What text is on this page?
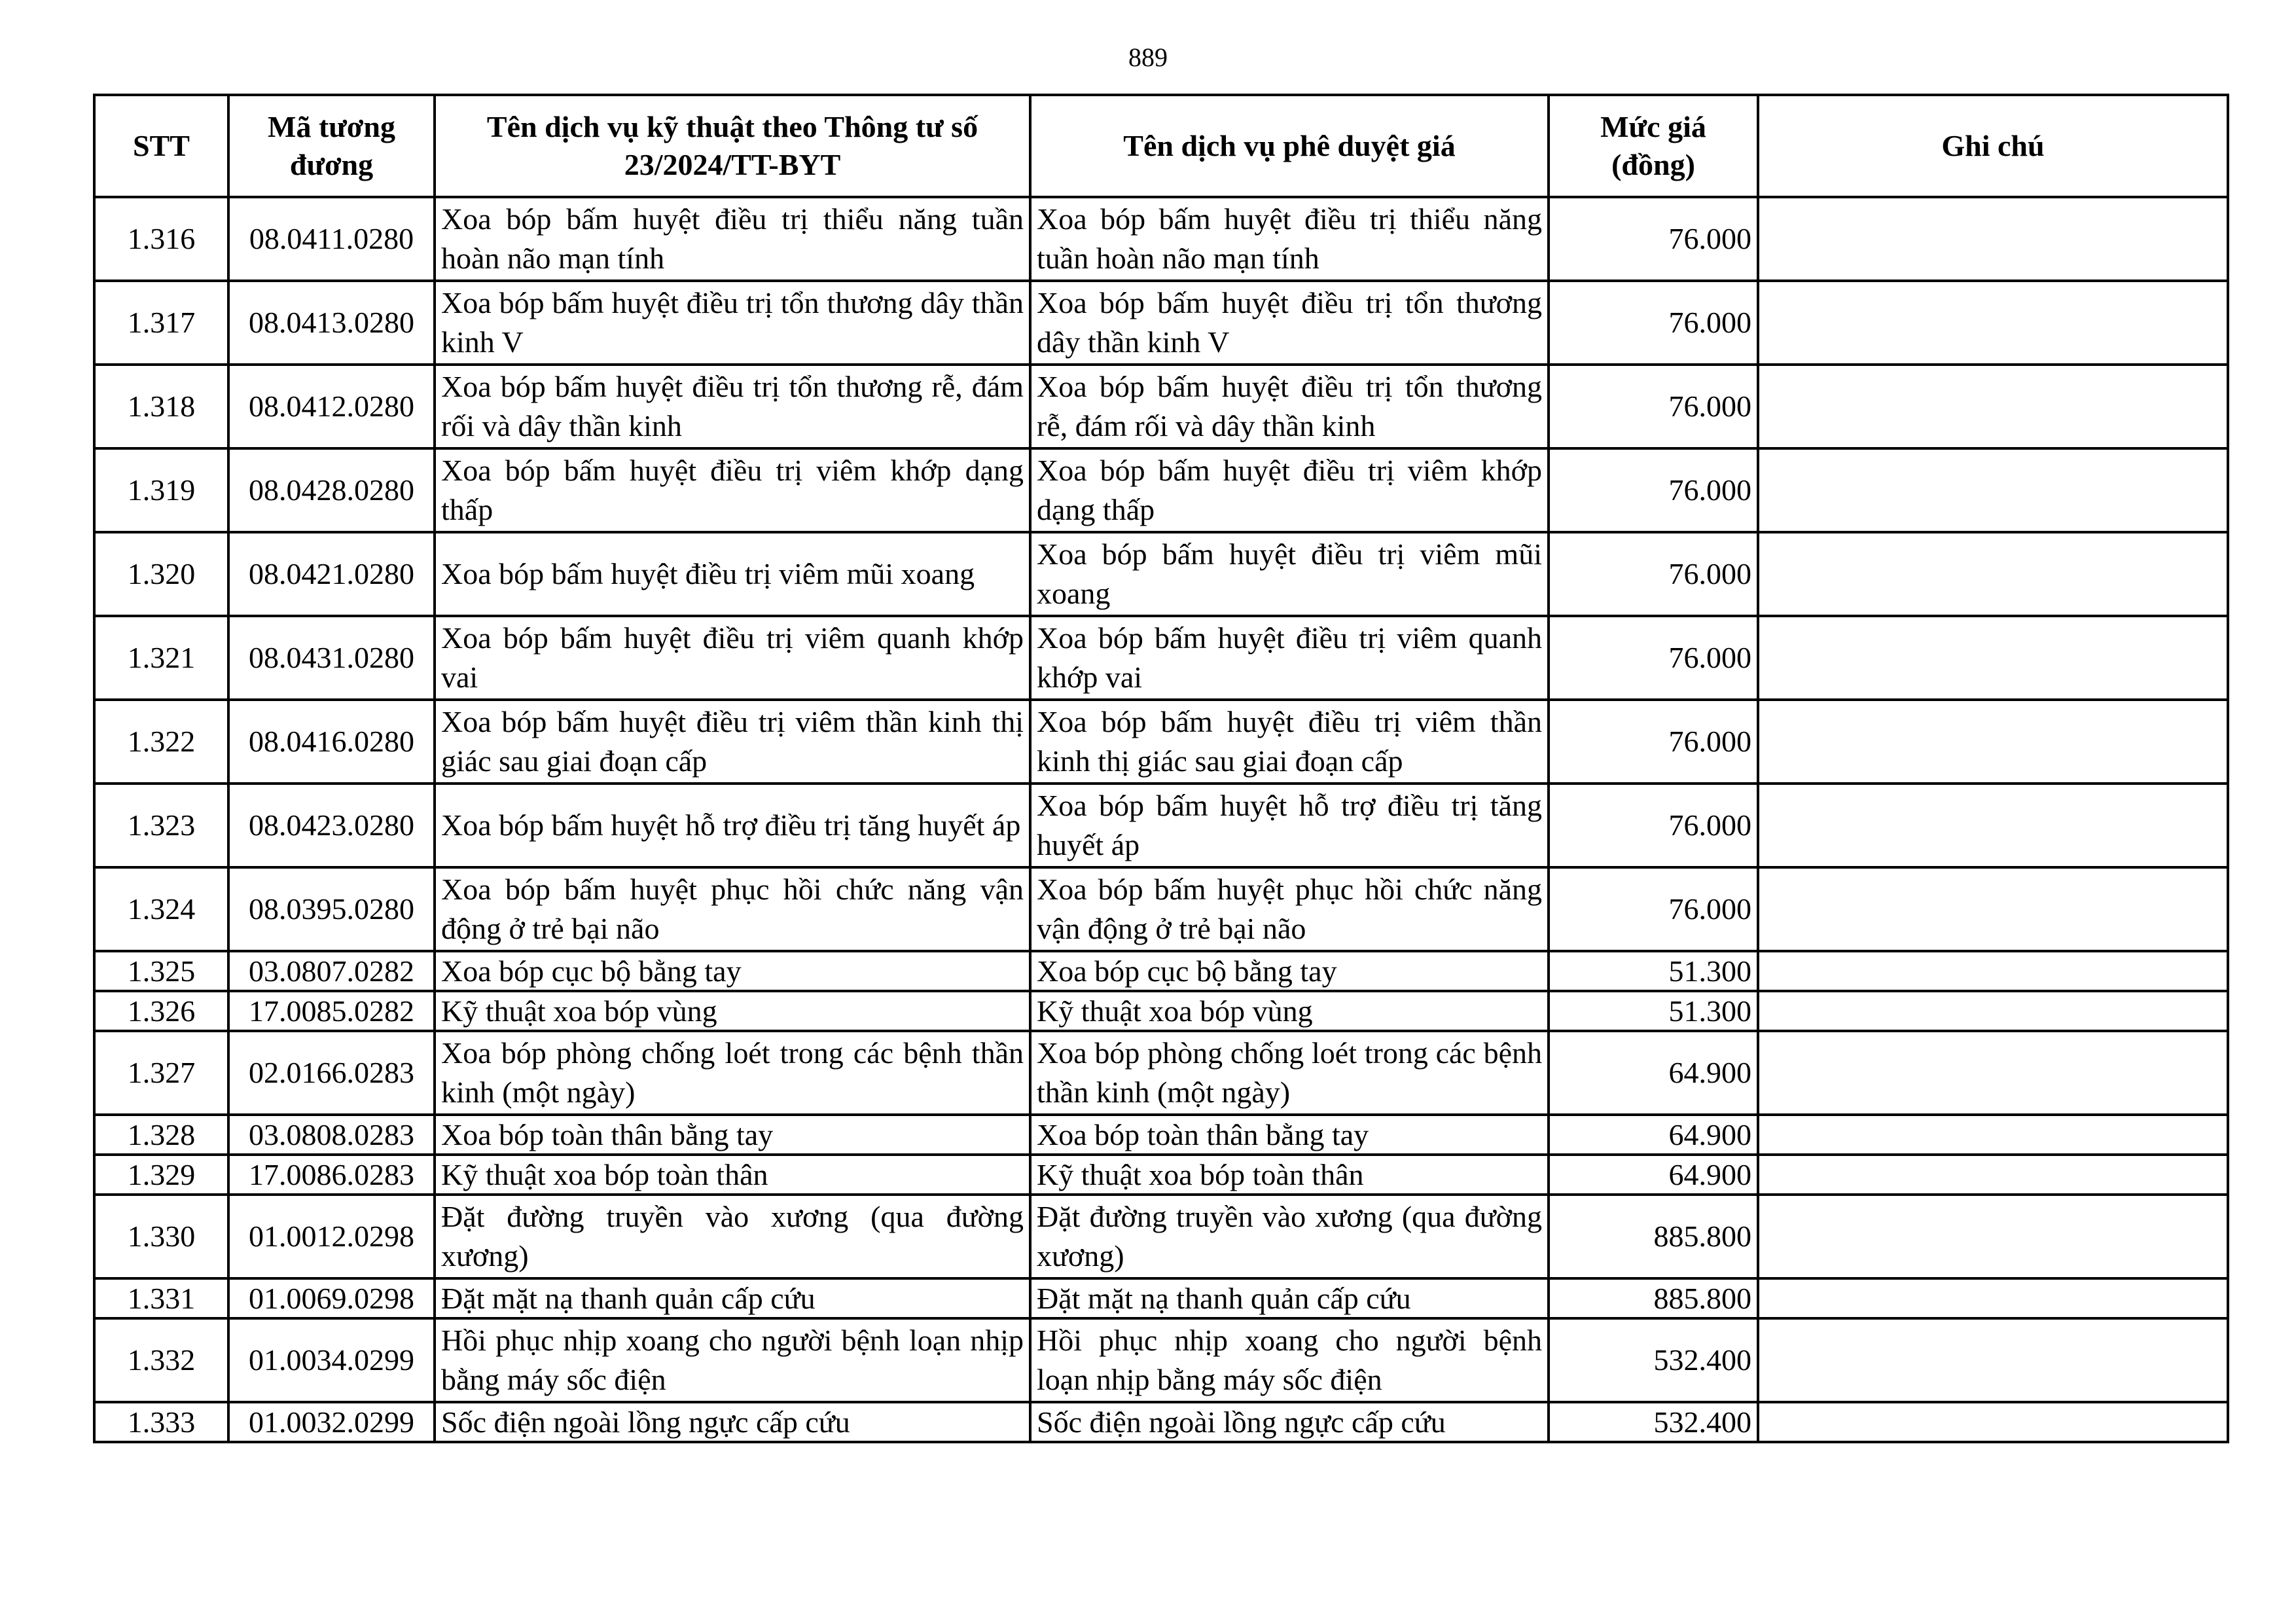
889
STT	Mã tương đương	Tên dịch vụ kỹ thuật theo Thông tư số 23/2024/TT-BYT	Tên dịch vụ phê duyệt giá	Mức giá (đồng)	Ghi chú
1.316	08.0411.0280	Xoa bóp bấm huyệt điều trị thiểu năng tuần hoàn não mạn tính	Xoa bóp bấm huyệt điều trị thiểu năng tuần hoàn não mạn tính	76.000	
1.317	08.0413.0280	Xoa bóp bấm huyệt điều trị tổn thương dây thần kinh V	Xoa bóp bấm huyệt điều trị tổn thương dây thần kinh V	76.000	
1.318	08.0412.0280	Xoa bóp bấm huyệt điều trị tổn thương rễ, đám rối và dây thần kinh	Xoa bóp bấm huyệt điều trị tổn thương rễ, đám rối và dây thần kinh	76.000	
1.319	08.0428.0280	Xoa bóp bấm huyệt điều trị viêm khớp dạng thấp	Xoa bóp bấm huyệt điều trị viêm khớp dạng thấp	76.000	
1.320	08.0421.0280	Xoa bóp bấm huyệt điều trị viêm mũi xoang	Xoa bóp bấm huyệt điều trị viêm mũi xoang	76.000	
1.321	08.0431.0280	Xoa bóp bấm huyệt điều trị viêm quanh khớp vai	Xoa bóp bấm huyệt điều trị viêm quanh khớp vai	76.000	
1.322	08.0416.0280	Xoa bóp bấm huyệt điều trị viêm thần kinh thị giác sau giai đoạn cấp	Xoa bóp bấm huyệt điều trị viêm thần kinh thị giác sau giai đoạn cấp	76.000	
1.323	08.0423.0280	Xoa bóp bấm huyệt hỗ trợ điều trị tăng huyết áp	Xoa bóp bấm huyệt hỗ trợ điều trị tăng huyết áp	76.000	
1.324	08.0395.0280	Xoa bóp bấm huyệt phục hồi chức năng vận động ở trẻ bại não	Xoa bóp bấm huyệt phục hồi chức năng vận động ở trẻ bại não	76.000	
1.325	03.0807.0282	Xoa bóp cục bộ bằng tay	Xoa bóp cục bộ bằng tay	51.300	
1.326	17.0085.0282	Kỹ thuật xoa bóp vùng	Kỹ thuật xoa bóp vùng	51.300	
1.327	02.0166.0283	Xoa bóp phòng chống loét trong các bệnh thần kinh (một ngày)	Xoa bóp phòng chống loét trong các bệnh thần kinh (một ngày)	64.900	
1.328	03.0808.0283	Xoa bóp toàn thân bằng tay	Xoa bóp toàn thân bằng tay	64.900	
1.329	17.0086.0283	Kỹ thuật xoa bóp toàn thân	Kỹ thuật xoa bóp toàn thân	64.900	
1.330	01.0012.0298	Đặt đường truyền vào xương (qua đường xương)	Đặt đường truyền vào xương (qua đường xương)	885.800	
1.331	01.0069.0298	Đặt mặt nạ thanh quản cấp cứu	Đặt mặt nạ thanh quản cấp cứu	885.800	
1.332	01.0034.0299	Hồi phục nhịp xoang cho người bệnh loạn nhịp bằng máy sốc điện	Hồi phục nhịp xoang cho người bệnh loạn nhịp bằng máy sốc điện	532.400	
1.333	01.0032.0299	Sốc điện ngoài lồng ngực cấp cứu	Sốc điện ngoài lồng ngực cấp cứu	532.400	
